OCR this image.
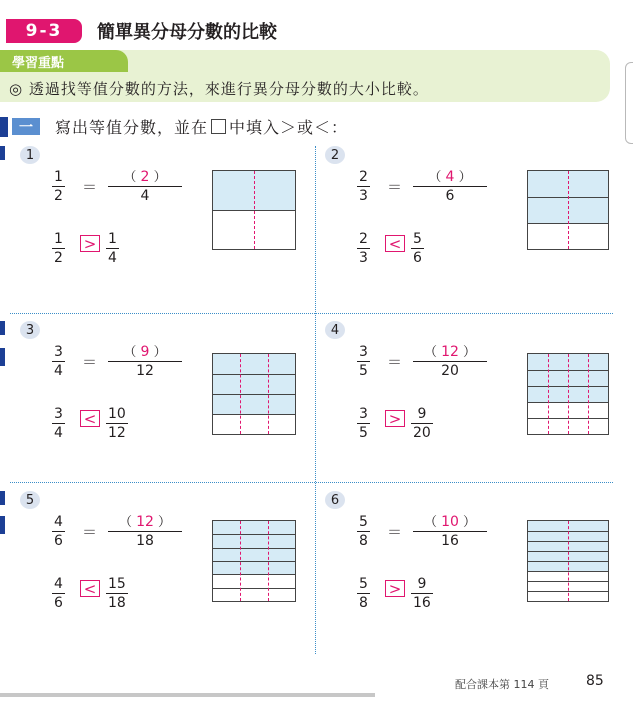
9-3	簡單異分母分數的比較
學習重點
◎ 透過找等值分數的方法，來進行異分母分數的大小比較。
一	寫出等值分數，並在 中填入＞或＜：
1
$\frac{1}{2} = \frac{( 2 )}{4}$
$\frac{1}{2} > \frac{1}{4}$
2
$\frac{2}{3} = \frac{( 4 )}{6}$
$\frac{2}{3} < \frac{5}{6}$
3
$\frac{3}{4} = \frac{( 9 )}{12}$
$\frac{3}{4} < \frac{10}{12}$
4
$\frac{3}{5} = \frac{( 12 )}{20}$
$\frac{3}{5} > \frac{9}{20}$
5
$\frac{4}{6} = \frac{( 12 )}{18}$
$\frac{4}{6} < \frac{15}{18}$
6
$\frac{5}{8} = \frac{( 10 )}{16}$
$\frac{5}{8} > \frac{9}{16}$
配合課本第 114 頁	85
